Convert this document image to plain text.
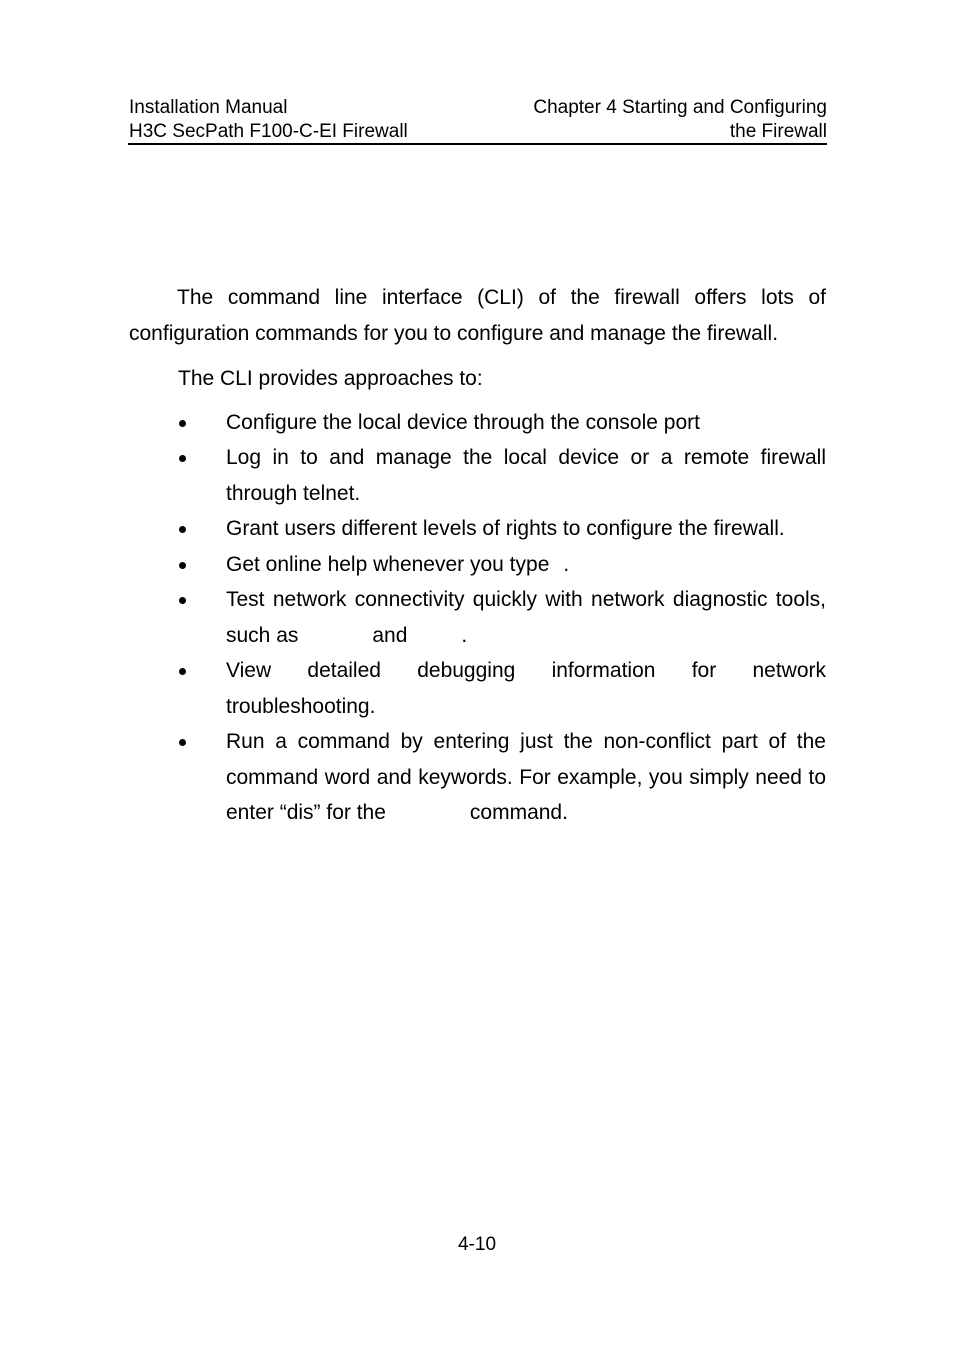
Installation Manual
H3C SecPath F100-C-EI Firewall
Chapter 4 Starting and Configuring
the Firewall

The command line interface (CLI) of the firewall offers lots of configuration commands for you to configure and manage the firewall.

The CLI provides approaches to:

Configure the local device through the console port
Log in to and manage the local device or a remote firewall through telnet.
Grant users different levels of rights to configure the firewall.
Get online help whenever you type .
Test network connectivity quickly with network diagnostic tools, such as	and	.
View detailed debugging information for network troubleshooting.
Run a command by entering just the non-conflict part of the command word and keywords. For example, you simply need to enter “dis” for the	command.
4-10
